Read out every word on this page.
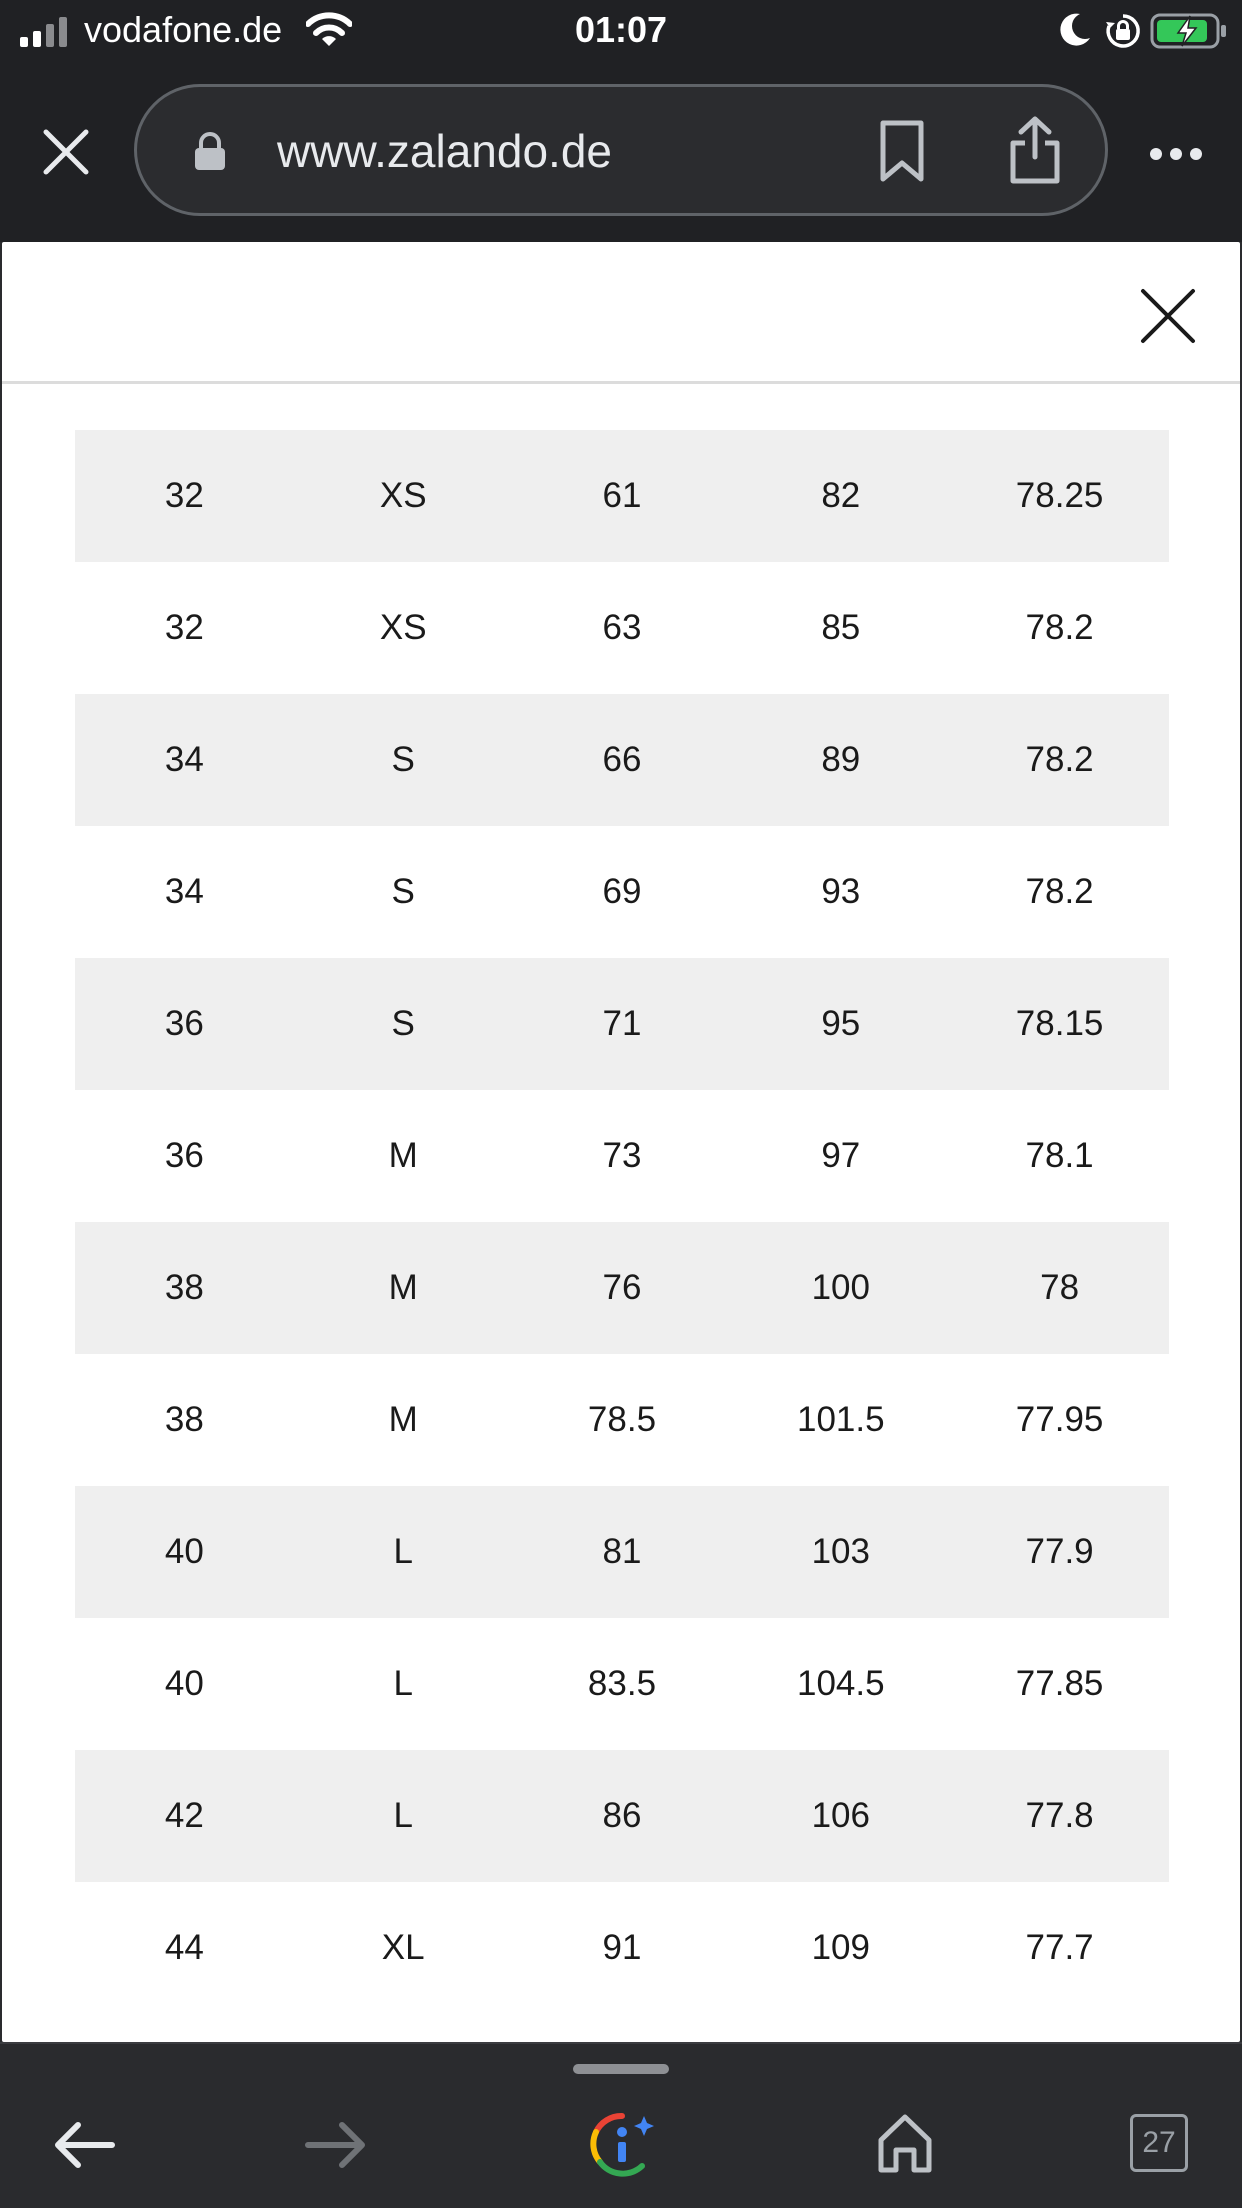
vodafone.de	01:07
www.zalando.de
32	XS	61	82	78.25
32	XS	63	85	78.2
34	S	66	89	78.2
34	S	69	93	78.2
36	S	71	95	78.15
36	M	73	97	78.1
38	M	76	100	78
38	M	78.5	101.5	77.95
40	L	81	103	77.9
40	L	83.5	104.5	77.85
42	L	86	106	77.8
44	XL	91	109	77.7
27
